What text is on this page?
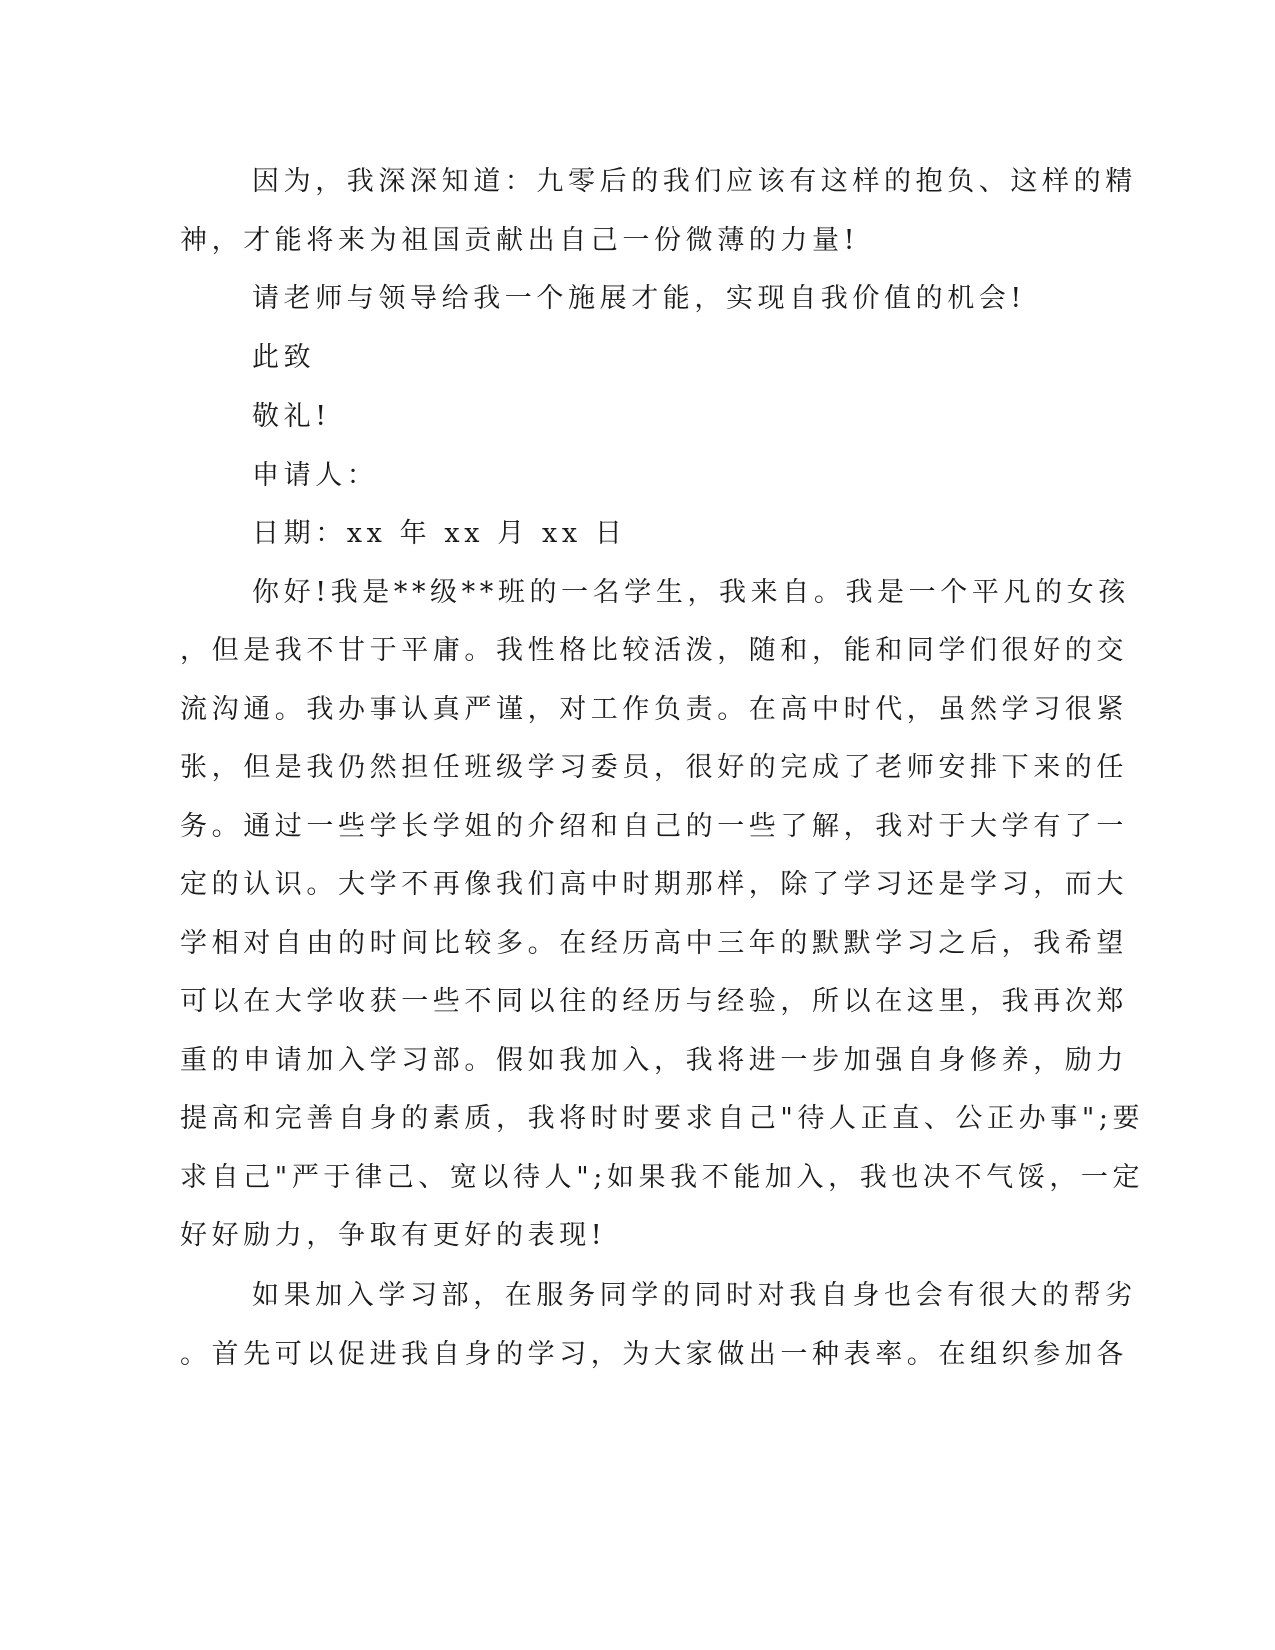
因为，我深深知道：九零后的我们应该有这样的抱负、这样的精
神，才能将来为祖国贡献出自己一份微薄的力量!
请老师与领导给我一个施展才能，实现自我价值的机会!
此致
敬礼!
申请人：
日期：xx 年 xx 月 xx 日
你好!我是**级**班的一名学生，我来自。我是一个平凡的女孩
，但是我不甘于平庸。我性格比较活泼，随和，能和同学们很好的交
流沟通。我办事认真严谨，对工作负责。在高中时代，虽然学习很紧
张，但是我仍然担任班级学习委员，很好的完成了老师安排下来的任
务。通过一些学长学姐的介绍和自己的一些了解，我对于大学有了一
定的认识。大学不再像我们高中时期那样，除了学习还是学习，而大
学相对自由的时间比较多。在经历高中三年的默默学习之后，我希望
可以在大学收获一些不同以往的经历与经验，所以在这里，我再次郑
重的申请加入学习部。假如我加入，我将进一步加强自身修养，励力
提高和完善自身的素质，我将时时要求自己"待人正直、公正办事";要
求自己"严于律己、宽以待人";如果我不能加入，我也决不气馁，一定
好好励力，争取有更好的表现!
如果加入学习部，在服务同学的同时对我自身也会有很大的帮劣
。首先可以促进我自身的学习，为大家做出一种表率。在组织参加各
